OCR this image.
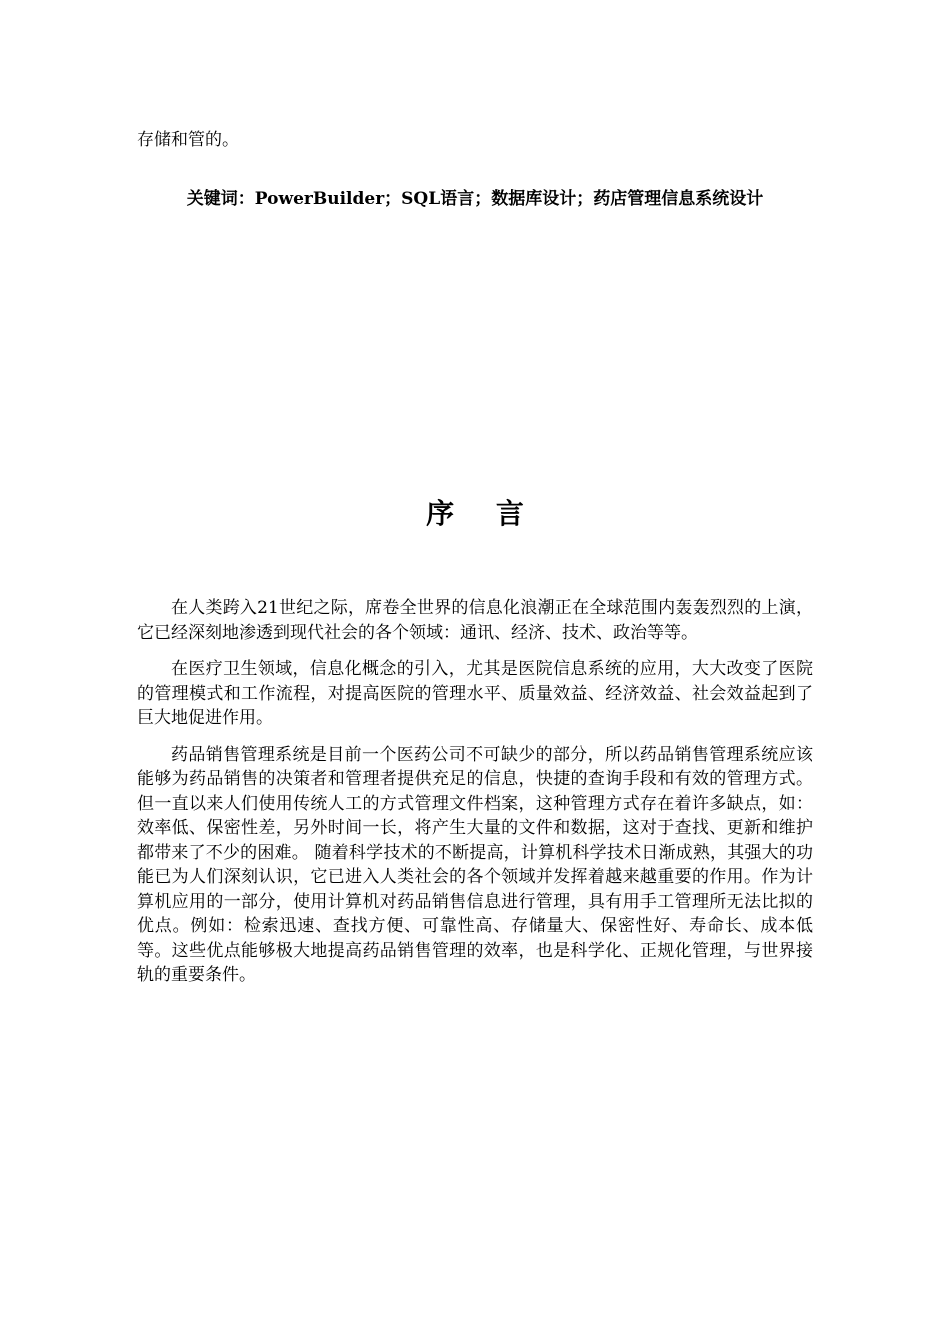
存储和管的。

关键词：PowerBuilder；SQL语言；数据库设计；药店管理信息系统设计

序 言

在人类跨入21世纪之际，席卷全世界的信息化浪潮正在全球范围内轰轰烈烈的上演，它已经深刻地渗透到现代社会的各个领域：通讯、经济、技术、政治等等。

在医疗卫生领域，信息化概念的引入，尤其是医院信息系统的应用，大大改变了医院的管理模式和工作流程，对提高医院的管理水平、质量效益、经济效益、社会效益起到了巨大地促进作用。

药品销售管理系统是目前一个医药公司不可缺少的部分，所以药品销售管理系统应该能够为药品销售的决策者和管理者提供充足的信息，快捷的查询手段和有效的管理方式。但一直以来人们使用传统人工的方式管理文件档案，这种管理方式存在着许多缺点，如：效率低、保密性差，另外时间一长，将产生大量的文件和数据，这对于查找、更新和维护都带来了不少的困难。 随着科学技术的不断提高，计算机科学技术日渐成熟，其强大的功能已为人们深刻认识，它已进入人类社会的各个领域并发挥着越来越重要的作用。作为计算机应用的一部分，使用计算机对药品销售信息进行管理，具有用手工管理所无法比拟的优点。例如：检索迅速、查找方便、可靠性高、存储量大、保密性好、寿命长、成本低等。这些优点能够极大地提高药品销售管理的效率，也是科学化、正规化管理，与世界接轨的重要条件。
